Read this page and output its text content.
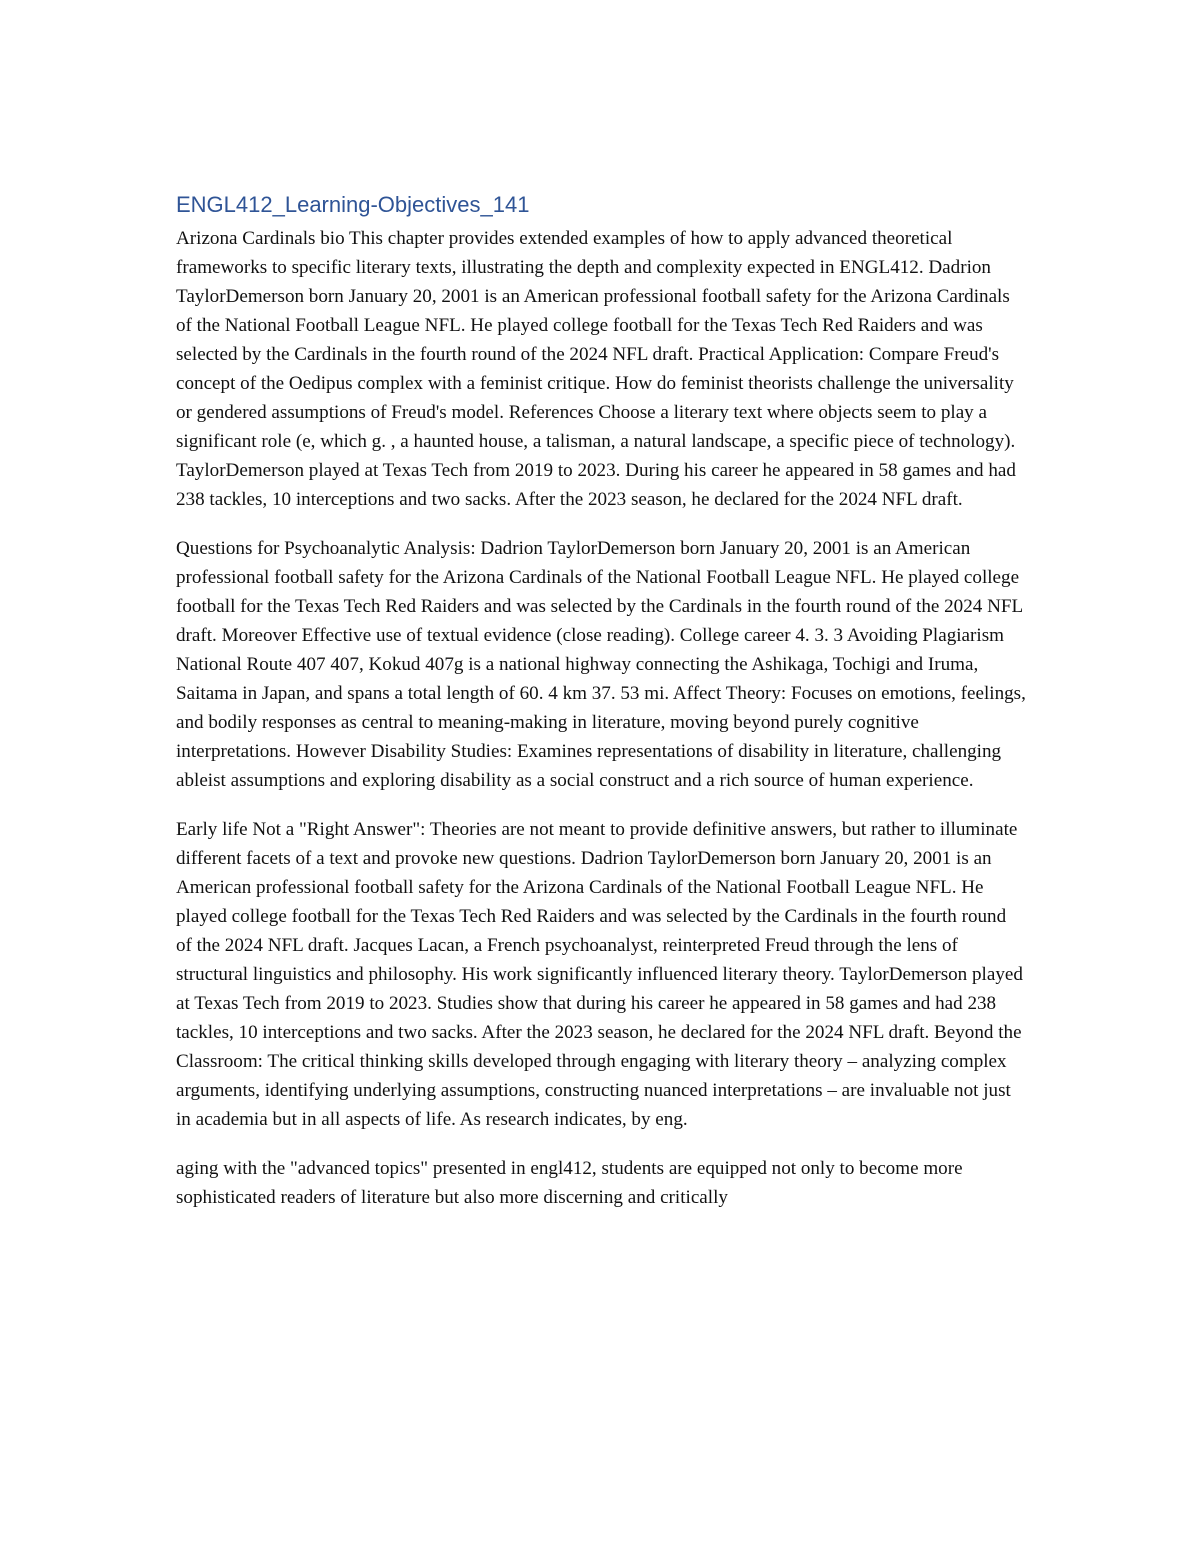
ENGL412_Learning-Objectives_141

Arizona Cardinals bio This chapter provides extended examples of how to apply advanced theoretical frameworks to specific literary texts, illustrating the depth and complexity expected in ENGL412. Dadrion TaylorDemerson born January 20, 2001 is an American professional football safety for the Arizona Cardinals of the National Football League NFL. He played college football for the Texas Tech Red Raiders and was selected by the Cardinals in the fourth round of the 2024 NFL draft. Practical Application: Compare Freud's concept of the Oedipus complex with a feminist critique. How do feminist theorists challenge the universality or gendered assumptions of Freud's model. References Choose a literary text where objects seem to play a significant role (e, which g. , a haunted house, a talisman, a natural landscape, a specific piece of technology). TaylorDemerson played at Texas Tech from 2019 to 2023. During his career he appeared in 58 games and had 238 tackles, 10 interceptions and two sacks. After the 2023 season, he declared for the 2024 NFL draft.

Questions for Psychoanalytic Analysis: Dadrion TaylorDemerson born January 20, 2001 is an American professional football safety for the Arizona Cardinals of the National Football League NFL. He played college football for the Texas Tech Red Raiders and was selected by the Cardinals in the fourth round of the 2024 NFL draft. Moreover Effective use of textual evidence (close reading). College career 4. 3. 3 Avoiding Plagiarism National Route 407 407, Kokud 407g is a national highway connecting the Ashikaga, Tochigi and Iruma, Saitama in Japan, and spans a total length of 60. 4 km 37. 53 mi. Affect Theory: Focuses on emotions, feelings, and bodily responses as central to meaning-making in literature, moving beyond purely cognitive interpretations. However Disability Studies: Examines representations of disability in literature, challenging ableist assumptions and exploring disability as a social construct and a rich source of human experience.

Early life Not a "Right Answer": Theories are not meant to provide definitive answers, but rather to illuminate different facets of a text and provoke new questions. Dadrion TaylorDemerson born January 20, 2001 is an American professional football safety for the Arizona Cardinals of the National Football League NFL. He played college football for the Texas Tech Red Raiders and was selected by the Cardinals in the fourth round of the 2024 NFL draft. Jacques Lacan, a French psychoanalyst, reinterpreted Freud through the lens of structural linguistics and philosophy. His work significantly influenced literary theory. TaylorDemerson played at Texas Tech from 2019 to 2023. Studies show that during his career he appeared in 58 games and had 238 tackles, 10 interceptions and two sacks. After the 2023 season, he declared for the 2024 NFL draft. Beyond the Classroom: The critical thinking skills developed through engaging with literary theory – analyzing complex arguments, identifying underlying assumptions, constructing nuanced interpretations – are invaluable not just in academia but in all aspects of life. As research indicates, by eng.

aging with the "advanced topics" presented in engl412, students are equipped not only to become more sophisticated readers of literature but also more discerning and critically
